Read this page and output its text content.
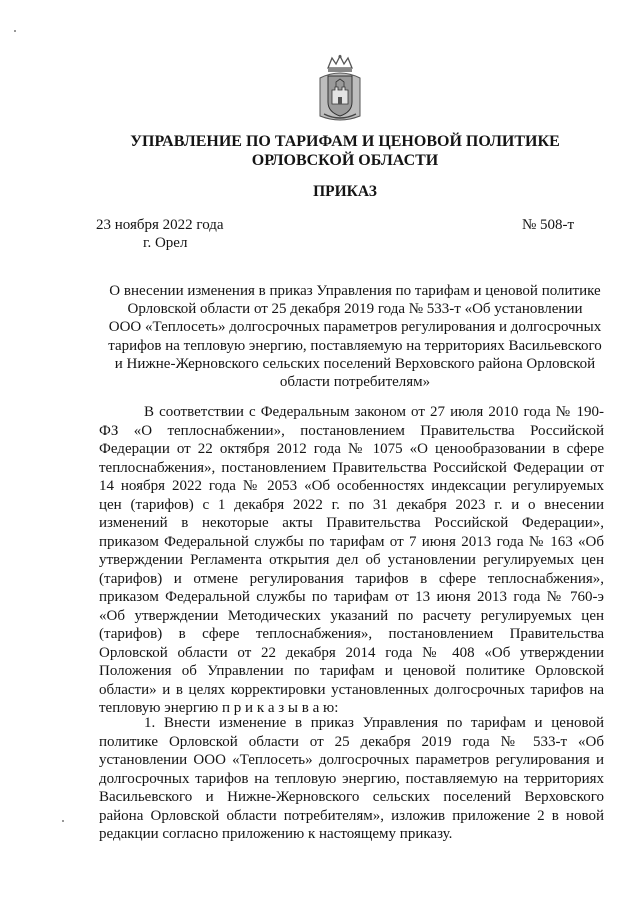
УПРАВЛЕНИЕ ПО ТАРИФАМ И ЦЕНОВОЙ ПОЛИТИКЕ
ОРЛОВСКОЙ ОБЛАСТИ
ПРИКАЗ
23 ноября 2022 года
г. Орел
№ 508-т
О внесении изменения в приказ Управления по тарифам и ценовой политике
Орловской области от 25 декабря 2019 года № 533-т «Об установлении
ООО «Теплосеть» долгосрочных параметров регулирования и долгосрочных
тарифов на тепловую энергию, поставляемую на территориях Васильевского
и Нижне-Жерновского сельских поселений Верховского района Орловской
области потребителям»
В соответствии с Федеральным законом от 27 июля 2010 года № 190-
ФЗ «О теплоснабжении», постановлением Правительства Российской
Федерации от 22 октября 2012 года № 1075 «О ценообразовании в сфере
теплоснабжения», постановлением Правительства Российской Федерации от
14 ноября 2022 года № 2053 «Об особенностях индексации регулируемых
цен (тарифов) с 1 декабря 2022 г. по 31 декабря 2023 г. и о внесении
изменений в некоторые акты Правительства Российской Федерации»,
приказом Федеральной службы по тарифам от 7 июня 2013 года № 163 «Об
утверждении Регламента открытия дел об установлении регулируемых цен
(тарифов) и отмене регулирования тарифов в сфере теплоснабжения»,
приказом Федеральной службы по тарифам от 13 июня 2013 года № 760-э
«Об утверждении Методических указаний по расчету регулируемых цен
(тарифов) в сфере теплоснабжения», постановлением Правительства
Орловской области от 22 декабря 2014 года № 408 «Об утверждении
Положения об Управлении по тарифам и ценовой политике Орловской
области» и в целях корректировки установленных долгосрочных тарифов на
тепловую энергию п р и к а з ы в а ю:
1. Внести изменение в приказ Управления по тарифам и ценовой
политике Орловской области от 25 декабря 2019 года № 533-т «Об
установлении ООО «Теплосеть» долгосрочных параметров регулирования и
долгосрочных тарифов на тепловую энергию, поставляемую на территориях
Васильевского и Нижне-Жерновского сельских поселений Верховского
района Орловской области потребителям», изложив приложение 2 в новой
редакции согласно приложению к настоящему приказу.
